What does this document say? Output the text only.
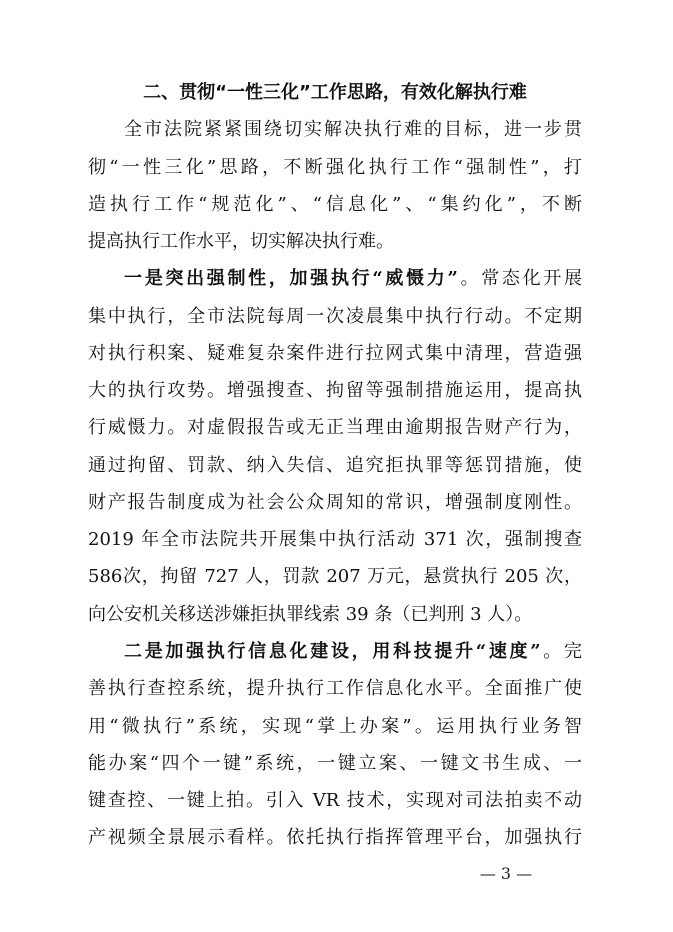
二、贯彻“一性三化”工作思路，有效化解执行难
全市法院紧紧围绕切实解决执行难的目标，进一步贯
彻“一性三化”思路，不断强化执行工作“强制性”，打
造执行工作“规范化”、“信息化”、“集约化”，不断
提高执行工作水平，切实解决执行难。
一是突出强制性，加强执行“威慑力”。常态化开展
集中执行，全市法院每周一次凌晨集中执行行动。不定期
对执行积案、疑难复杂案件进行拉网式集中清理，营造强
大的执行攻势。增强搜查、拘留等强制措施运用，提高执
行威慑力。对虚假报告或无正当理由逾期报告财产行为，
通过拘留、罚款、纳入失信、追究拒执罪等惩罚措施，使
财产报告制度成为社会公众周知的常识，增强制度刚性。
2019 年全市法院共开展集中执行活动 371 次，强制搜查
586次，拘留 727 人，罚款 207 万元，悬赏执行 205 次，
向公安机关移送涉嫌拒执罪线索 39 条（已判刑 3 人）。
二是加强执行信息化建设，用科技提升“速度”。完
善执行查控系统，提升执行工作信息化水平。全面推广使
用“微执行”系统，实现“掌上办案”。运用执行业务智
能办案“四个一键”系统，一键立案、一键文书生成、一
键查控、一键上拍。引入 VR 技术，实现对司法拍卖不动
产视频全景展示看样。依托执行指挥管理平台，加强执行
— 3 —
